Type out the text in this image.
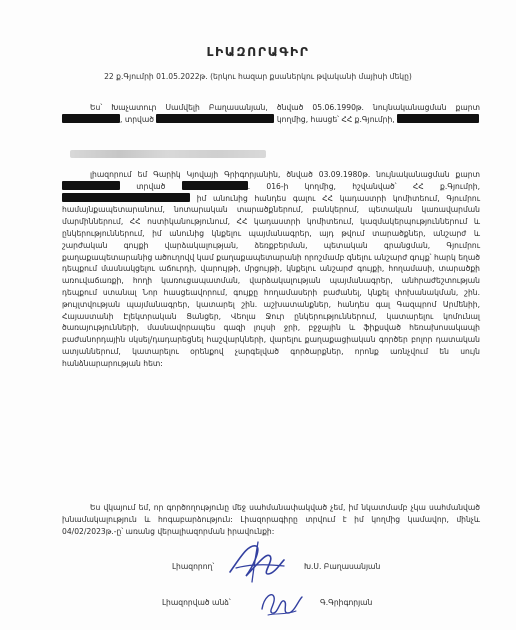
ԼԻԱԶՈՐԱԳԻՐ
22 ք.Գյումրի 01.05.2022թ. (երկու հազար քսաներկու թվականի մայիսի մեկը)
Ես՝ Խաչատուր Սամվելի Բաղասանյան, ծնված 05.06.1990թ. նույնականացման քարտ , տրված	կողմից, հասցե՝ ՀՀ ք.Գյումրի,
լիազորում եմ Գարիկ Կյովայի Գրիգորյանին, ծնված 03.09.1980թ. նույնականացման քարտ  տրված	. 016-ի կողմից, հշվանված՝ ՀՀ ք.Գյումրի,  իմ անունից հանդես գալու ՀՀ կադաստրի կոմիտեում, Գյումրու համայնքապետարանում, նոտարական տարածքներում, բանկերում, պետական կառավարման մարմիններում, ՀՀ ոստիկանությունում, ՀՀ կադաստրի կոմիտեում, կազմակերպություններում և ընկերություններում, իմ անունից կնքելու պայմանագրեր, այդ թվում տարածքներ, անշարժ և շարժական գույքի վարձակալության, ձեռքբերման, պետական գրանցման, Գյումրու քաղաքապետարանից ածուղովվ կամ քաղաքապետարանի որոշմամբ գնելու անշարժ գույք՝ հարկ եղած դեպքում մասնակցելու աճուրդի, վարույթի, մրցույթի, կնքելու անշարժ գույքի, հողամասի, տարածքի առուվաճառքի, հողի կառուցապատման, վարձակալության պայմանագրեր, անհրաժեշտության դեպքում ստանալ Նոր հասցեավորում, գույքը հողամասերի բաժանել, կնքել փոխանակման, շին. թույլտվության պայմանագրեր, կատարել շին. աշխատանքներ, հանդես գալ Գազպրոմ Արմենիի, Հայաստանի Էլեկտրական Ցանցեր, Վեոլա Ջուր ընկերություններում, կատարելու կոմունալ ծառայությունների, մասնավորապես գազի լույսի ջրի, բջջային և ֆիքսված հեռախոսակապի բաժանորդային սկսել/դադարեցնել հաշվարկների, վարելու քաղաքացիական գործեր բոլոր դատական ատյաններում, կատարելու օրենքով չարգելված գործարքներ, որոնք առնչվում են սույն հանձնարարության հետ:
Ես վկայում եմ, որ գործողությունը մեջ սահմանափակված չեմ, իմ նկատմամբ չկա սահմանված խնամակալություն և հոգաբարձություն: Լիազորագիրը տրվում է իմ կողմից կամավոր, մինչև 04/02/2023թ.-ը՝ առանց վերալիազորման իրավունքի:
Լիազորող՝	Խ.Ս. Բաղասանյան
Լիազորված անձ՝	Գ.Գրիգորյան
